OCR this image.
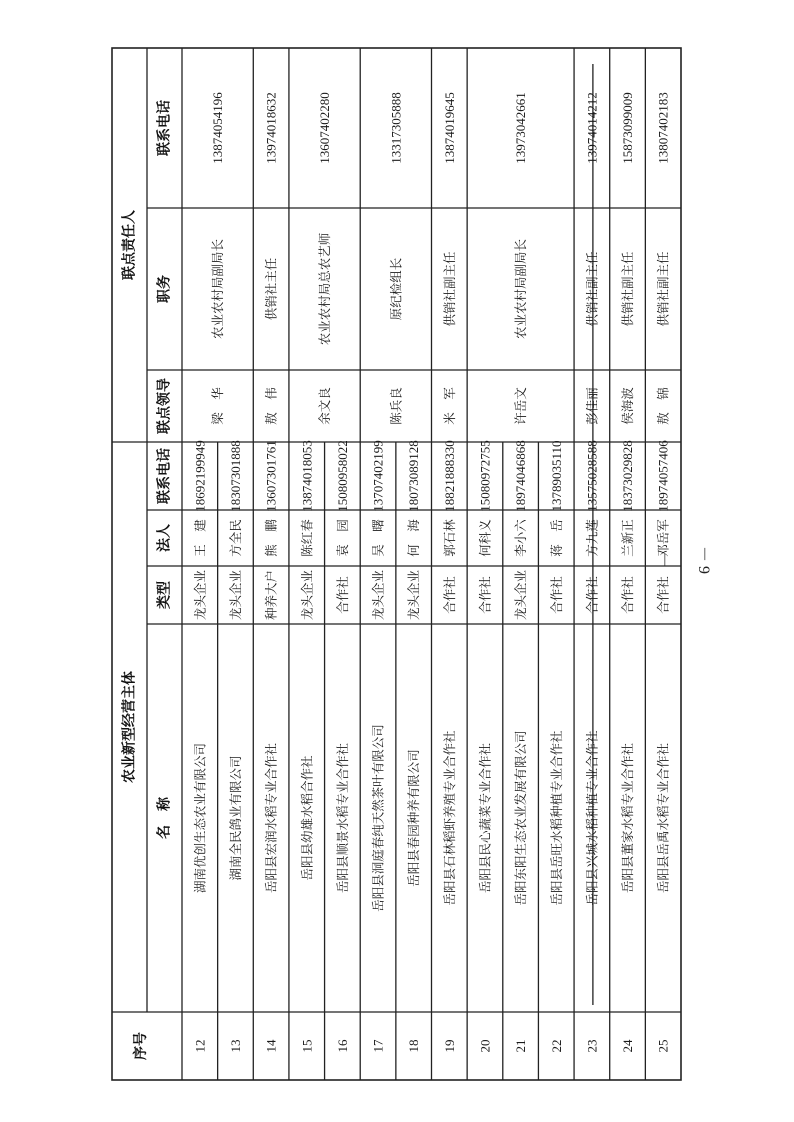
序号
农业新型经营主体
联点责任人
名　称
类型
法人
联系电话
联点领导
职务
联系电话
12
湖南优创生态农业有限公司
龙头企业
王　建
18692199949
13
湖南全民鸽业有限公司
龙头企业
方全民
18307301888
14
岳阳县宏润水稻专业合作社
种养大户
熊　鹏
13607301761
15
岳阳县幼雄水稻合作社
龙头企业
陈红春
13874018053
16
岳阳县顺景水稻专业合作社
合作社
袁　园
15080958022
17
岳阳县洞庭春纯天然茶叶有限公司
龙头企业
吴　曙
13707402199
18
岳阳县春园种养有限公司
龙头企业
何　海
18073089128
19
岳阳县石林稻虾养殖专业合作社
合作社
郭石林
18821888330
20
岳阳县民心蔬菜专业合作社
合作社
何科义
15080972755
21
岳阳东阳生态农业发展有限公司
龙头企业
李小六
18974046868
22
岳阳县岳旺水稻种植专业合作社
合作社
蒋　岳
13789035110
23
岳阳县兴城水稻种植专业合作社
合作社
方九莲
13575028588
24
岳阳县董家水稻专业合作社
合作社
兰新正
18373029828
25
岳阳县岳禹水稻专业合作社
合作社
邓岳军
18974057406
梁　华
农业农村局副局长
13874054196
敖　伟
供销社主任
13974018632
余文良
农业农村局总农艺师
13607402280
陈兵良
原纪检组长
13317305888
米　军
供销社副主任
13874019645
许岳文
农业农村局副局长
13973042661
彭佳丽
供销社副主任
13974014212
侯海波
供销社副主任
15873099009
敖　锦
供销社副主任
13807402183
－ 9 －
